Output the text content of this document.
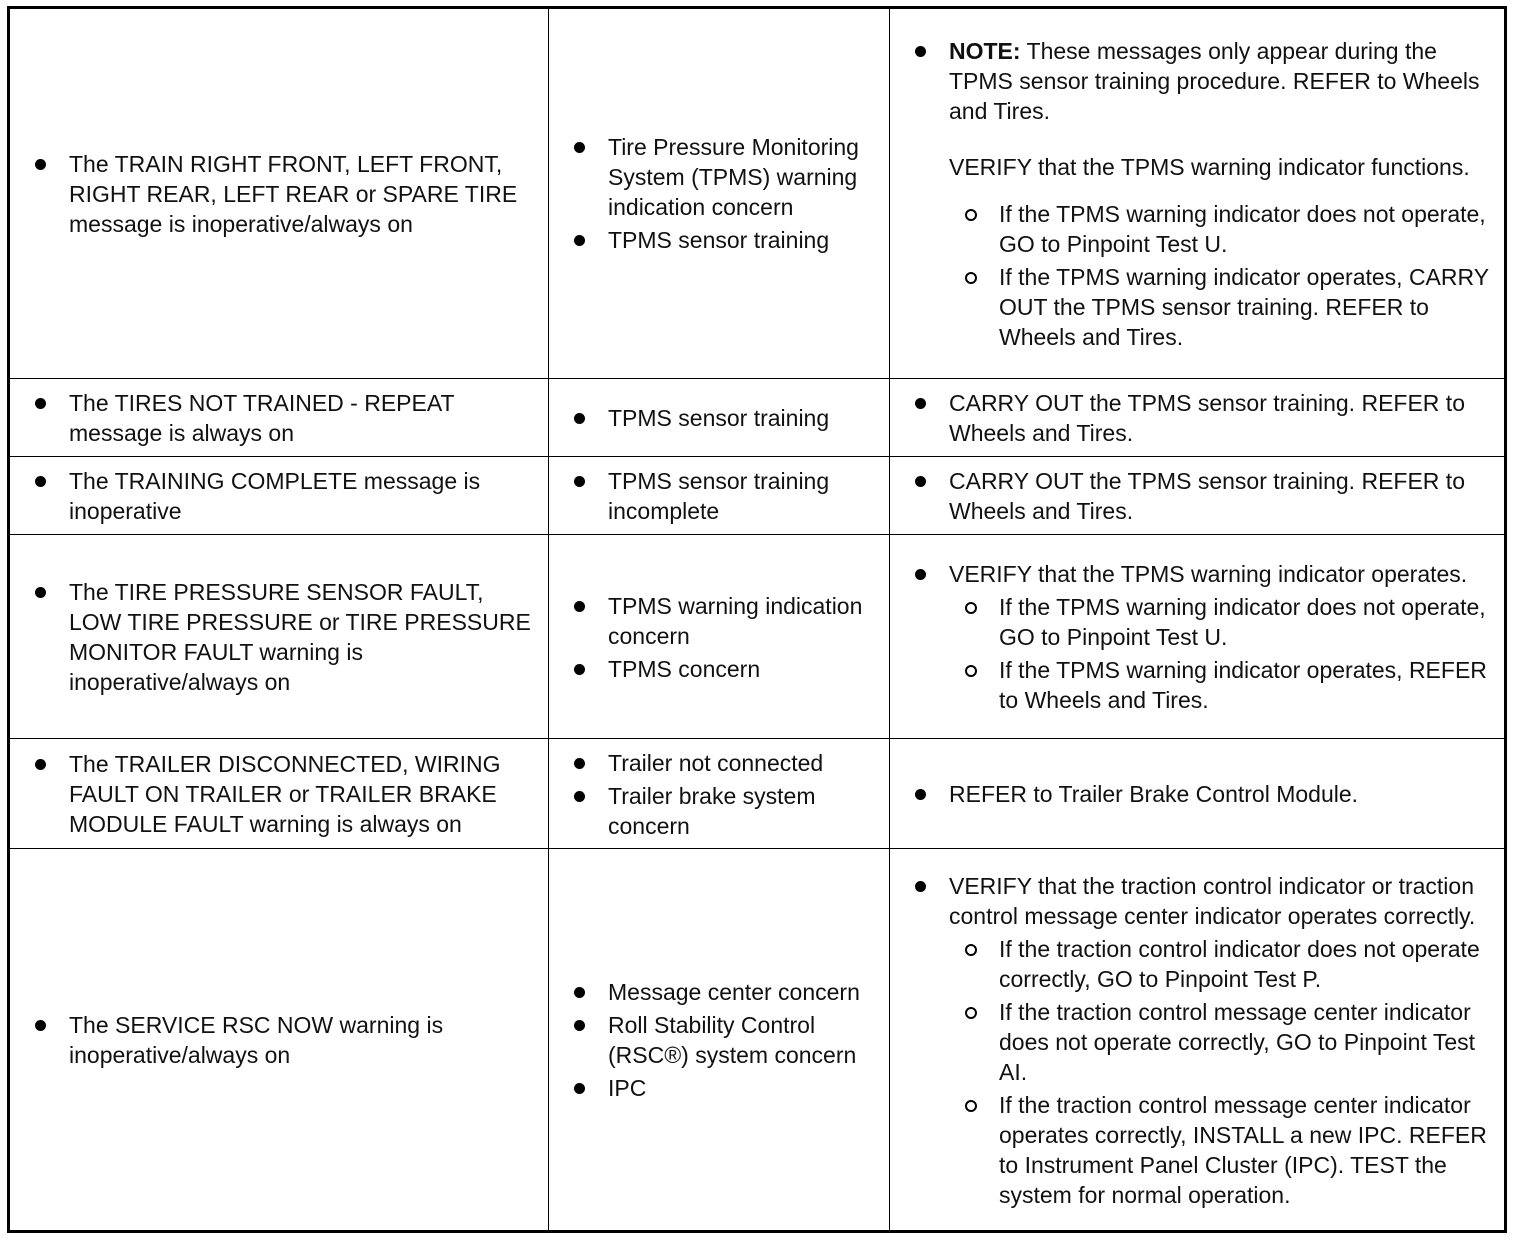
The TRAIN RIGHT FRONT, LEFT FRONT, RIGHT REAR, LEFT REAR or SPARE TIRE message is inoperative/always on
Tire Pressure Monitoring System (TPMS) warning indication concern
TPMS sensor training
NOTE: These messages only appear during the TPMS sensor training procedure. REFER to Wheels and Tires.
VERIFY that the TPMS warning indicator functions.
If the TPMS warning indicator does not operate, GO to Pinpoint Test U.
If the TPMS warning indicator operates, CARRY OUT the TPMS sensor training. REFER to Wheels and Tires.
The TIRES NOT TRAINED - REPEAT message is always on
TPMS sensor training
CARRY OUT the TPMS sensor training. REFER to Wheels and Tires.
The TRAINING COMPLETE message is inoperative
TPMS sensor training incomplete
CARRY OUT the TPMS sensor training. REFER to Wheels and Tires.
The TIRE PRESSURE SENSOR FAULT, LOW TIRE PRESSURE or TIRE PRESSURE MONITOR FAULT warning is inoperative/always on
TPMS warning indication concern
TPMS concern
VERIFY that the TPMS warning indicator operates.
If the TPMS warning indicator does not operate, GO to Pinpoint Test U.
If the TPMS warning indicator operates, REFER to Wheels and Tires.
The TRAILER DISCONNECTED, WIRING FAULT ON TRAILER or TRAILER BRAKE MODULE FAULT warning is always on
Trailer not connected
Trailer brake system concern
REFER to Trailer Brake Control Module.
The SERVICE RSC NOW warning is inoperative/always on
Message center concern
Roll Stability Control (RSC®) system concern
IPC
VERIFY that the traction control indicator or traction control message center indicator operates correctly.
If the traction control indicator does not operate correctly, GO to Pinpoint Test P.
If the traction control message center indicator does not operate correctly, GO to Pinpoint Test AI.
If the traction control message center indicator operates correctly, INSTALL a new IPC. REFER to Instrument Panel Cluster (IPC). TEST the system for normal operation.
